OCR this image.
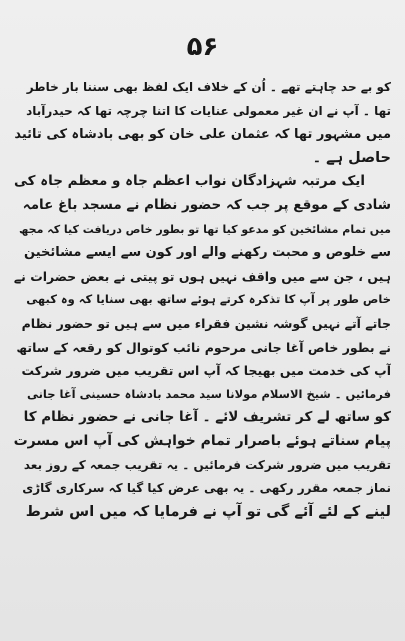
۵۶
کو بے حد چاہتے تھے ۔ اُن کے خلاف ایک لفظ بھی سننا بار خاطر
تھا ۔ آپ نے ان غیر معمولی عنایات کا اتنا چرچہ تھا کہ حیدرآباد
میں مشہور تھا کہ عثمان علی خان کو بھی بادشاہ کی تائید
حاصل ہے ۔
ایک مرتبہ شہزادگان نواب اعظم جاہ و معظم جاہ کی
شادی کے موقع پر جب کہ حضور نظام نے مسجد باغ عامہ
میں تمام مشائخین کو مدعو کیا تھا تو بطور خاص دریافت کیا کہ مجھ
سے خلوص و محبت رکھنے والے اور کون سے ایسے مشائخین
ہیں ، جن سے میں واقف نہیں ہوں تو پیتی نے بعض حضرات نے
خاص طور پر آپ کا تذکرہ کرتے ہوئے ساتھ بھی سنایا کہ وہ کبھی
جاتے آتے نہیں گوشہ نشین فقراء میں سے ہیں تو حضور نظام
نے بطور خاص آغا جانی مرحوم نائب کوتوال کو رقعہ کے ساتھ
آپ کی خدمت میں بھیجا کہ آپ اس تقریب میں ضرور شرکت
فرمائیں ۔ شیخ الاسلام مولانا سید محمد بادشاہ حسینی آغا جانی
کو ساتھ لے کر تشریف لائے ۔ آغا جانی نے حضور نظام کا
پیام سناتے ہوئے باصرار تمام خواہش کی آپ اس مسرت
تقریب میں ضرور شرکت فرمائیں ۔ یہ تقریب جمعہ کے روز بعد
نماز جمعہ مقرر رکھی ۔ یہ بھی عرض کیا گیا کہ سرکاری گاڑی
لینے کے لئے آئے گی تو آپ نے فرمایا کہ میں اس شرط
